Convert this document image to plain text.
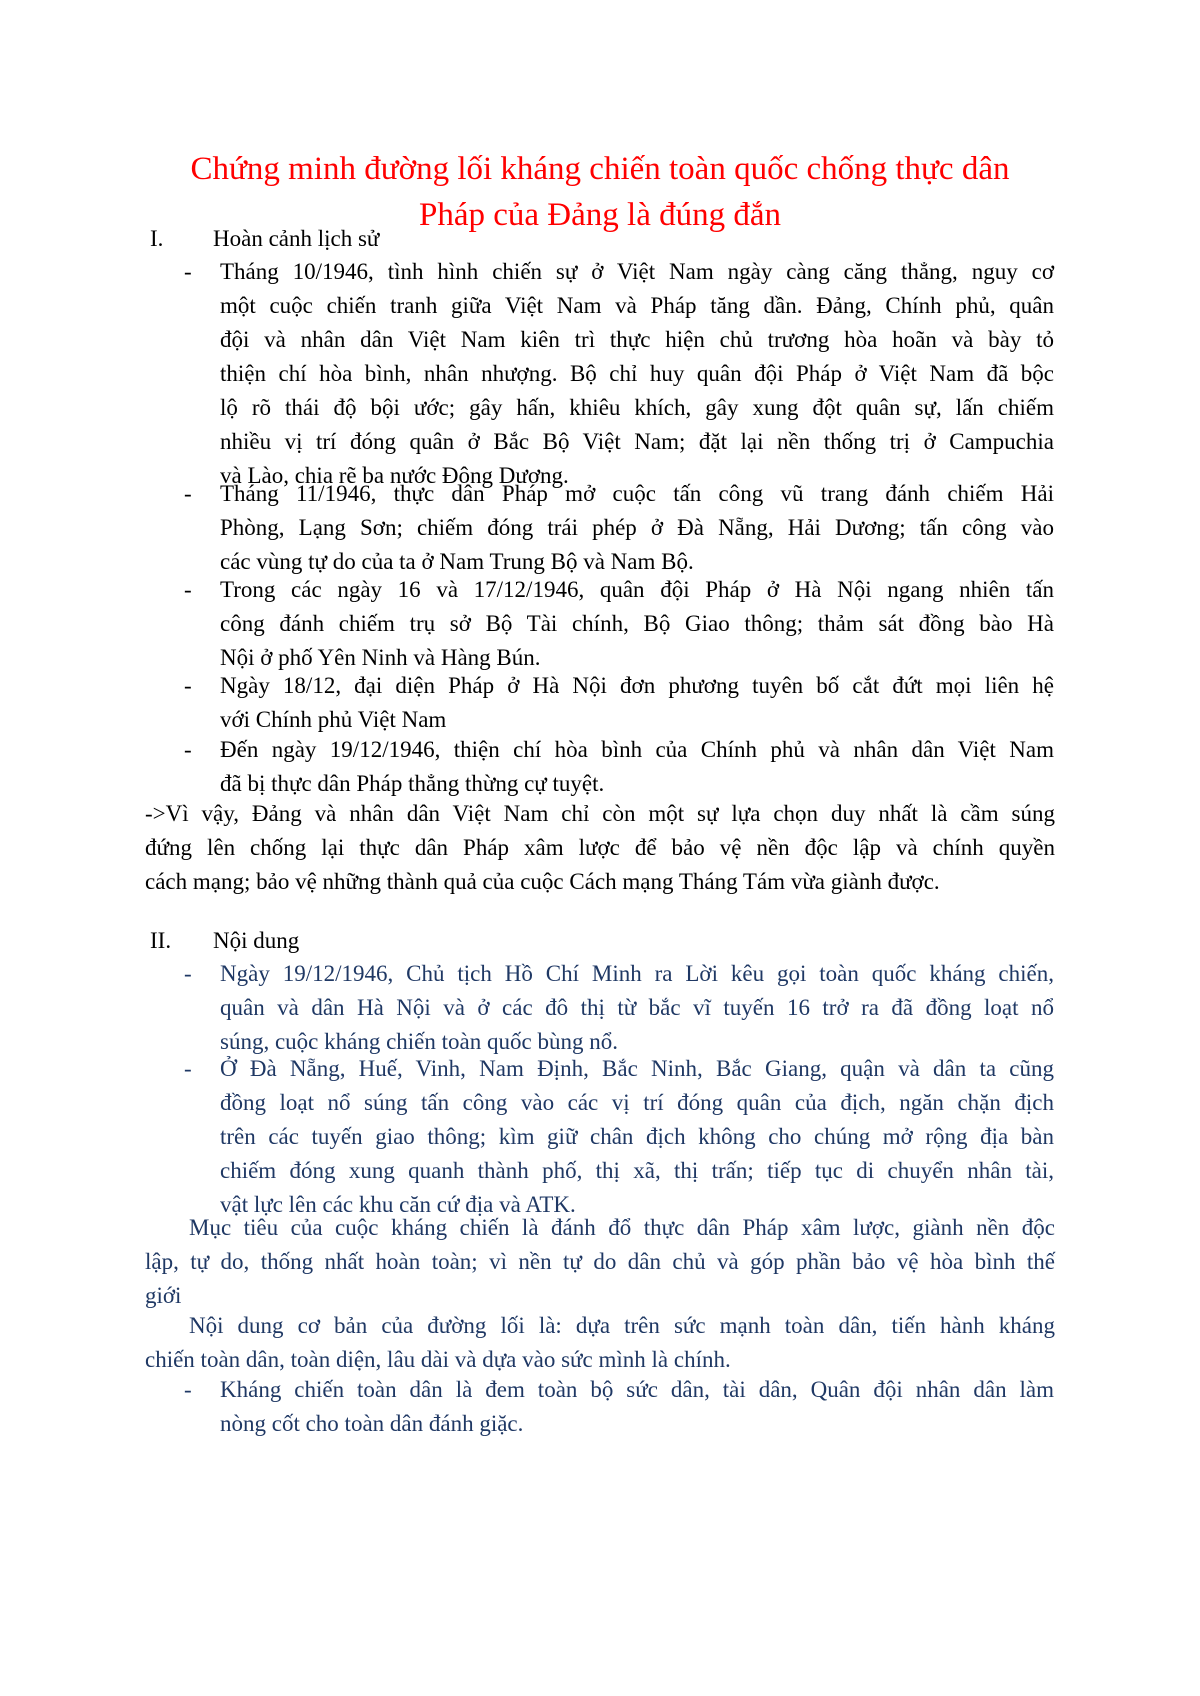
Chứng minh đường lối kháng chiến toàn quốc chống thực dân
Pháp của Đảng là đúng đắn
I. Hoàn cảnh lịch sử
-	Tháng 10/1946, tình hình chiến sự ở Việt Nam ngày càng căng thẳng, nguy cơ
một cuộc chiến tranh giữa Việt Nam và Pháp tăng dần. Đảng, Chính phủ, quân
đội và nhân dân Việt Nam kiên trì thực hiện chủ trương hòa hoãn và bày tỏ
thiện chí hòa bình, nhân nhượng. Bộ chỉ huy quân đội Pháp ở Việt Nam đã bộc
lộ rõ thái độ bội ước; gây hấn, khiêu khích, gây xung đột quân sự, lấn chiếm
nhiều vị trí đóng quân ở Bắc Bộ Việt Nam; đặt lại nền thống trị ở Campuchia
và Lào, chia rẽ ba nước Đông Dương.
-	Tháng 11/1946, thực dân Pháp mở cuộc tấn công vũ trang đánh chiếm Hải
Phòng, Lạng Sơn; chiếm đóng trái phép ở Đà Nẵng, Hải Dương; tấn công vào
các vùng tự do của ta ở Nam Trung Bộ và Nam Bộ.
-	Trong các ngày 16 và 17/12/1946, quân đội Pháp ở Hà Nội ngang nhiên tấn
công đánh chiếm trụ sở Bộ Tài chính, Bộ Giao thông; thảm sát đồng bào Hà
Nội ở phố Yên Ninh và Hàng Bún.
-	Ngày 18/12, đại diện Pháp ở Hà Nội đơn phương tuyên bố cắt đứt mọi liên hệ
với Chính phủ Việt Nam
-	Đến ngày 19/12/1946, thiện chí hòa bình của Chính phủ và nhân dân Việt Nam
đã bị thực dân Pháp thẳng thừng cự tuyệt.
->Vì vậy, Đảng và nhân dân Việt Nam chỉ còn một sự lựa chọn duy nhất là cầm súng
đứng lên chống lại thực dân Pháp xâm lược để bảo vệ nền độc lập và chính quyền
cách mạng; bảo vệ những thành quả của cuộc Cách mạng Tháng Tám vừa giành được.
II. Nội dung
-	Ngày 19/12/1946, Chủ tịch Hồ Chí Minh ra Lời kêu gọi toàn quốc kháng chiến,
quân và dân Hà Nội và ở các đô thị từ bắc vĩ tuyến 16 trở ra đã đồng loạt nổ
súng, cuộc kháng chiến toàn quốc bùng nổ.
-	Ở Đà Nẵng, Huế, Vinh, Nam Định, Bắc Ninh, Bắc Giang, quận và dân ta cũng
đồng loạt nổ súng tấn công vào các vị trí đóng quân của địch, ngăn chặn địch
trên các tuyến giao thông; kìm giữ chân địch không cho chúng mở rộng địa bàn
chiếm đóng xung quanh thành phố, thị xã, thị trấn; tiếp tục di chuyển nhân tài,
vật lực lên các khu căn cứ địa và ATK.
Mục tiêu của cuộc kháng chiến là đánh đổ thực dân Pháp xâm lược, giành nền độc
lập, tự do, thống nhất hoàn toàn; vì nền tự do dân chủ và góp phần bảo vệ hòa bình thế
giới
Nội dung cơ bản của đường lối là: dựa trên sức mạnh toàn dân, tiến hành kháng
chiến toàn dân, toàn diện, lâu dài và dựa vào sức mình là chính.
-	Kháng chiến toàn dân là đem toàn bộ sức dân, tài dân, Quân đội nhân dân làm
nòng cốt cho toàn dân đánh giặc.
